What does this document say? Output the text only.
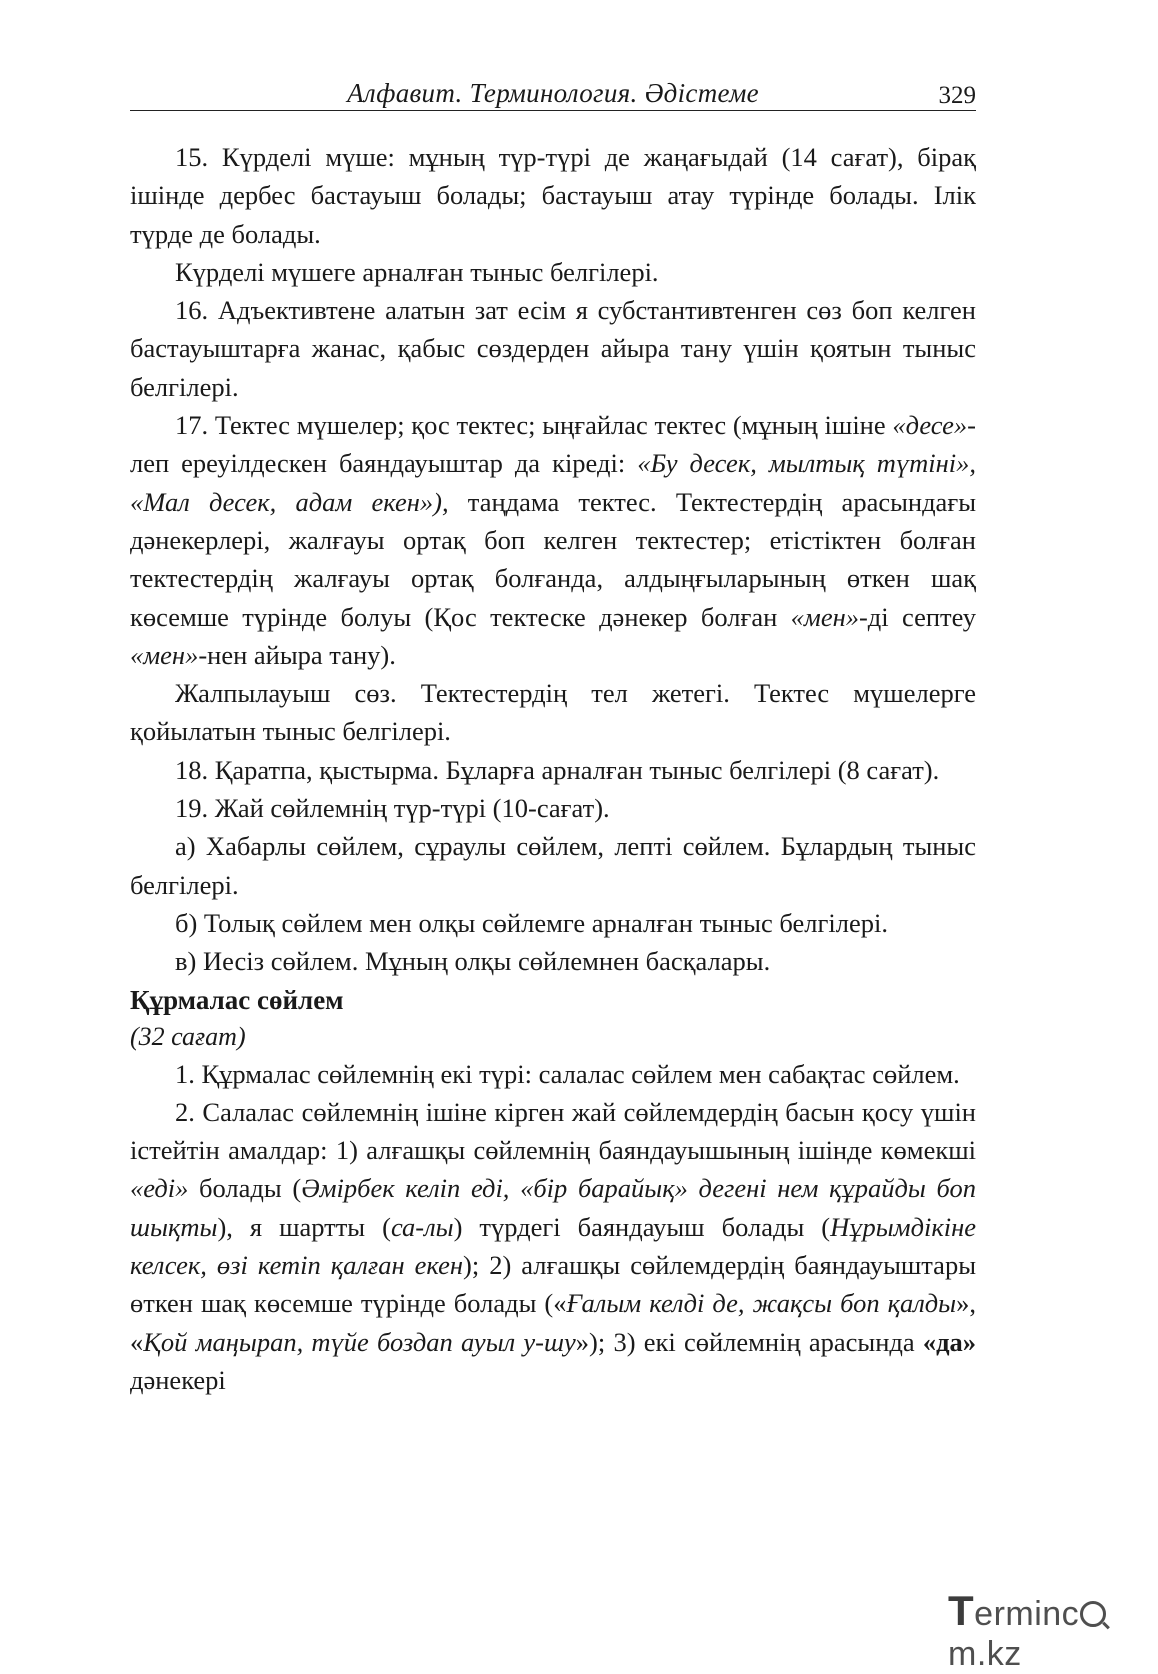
Алфавит. Терминология. Әдістеме	329

15. Күрделі мүше: мұның түр-түрі де жаңағыдай (14 сағат), бірақ ішінде дербес бастауыш болады; бастауыш атау түрінде болады. Ілік түрде де болады.

Күрделі мүшеге арналған тыныс белгілері.

16. Адъективтене алатын зат есім я субстантивтенген сөз боп келген бастауыштарға жанас, қабыс сөздерден айыра тану үшін қоятын тыныс белгілері.

17. Тектес мүшелер; қос тектес; ыңғайлас тектес (мұның ішіне «десе»-леп ереуілдескен баяндауыштар да кіреді: «Бу десек, мылтық түтіні», «Мал десек, адам екен»), таңдама тектес. Тектестердің арасындағы дәнекерлері, жалғауы ортақ боп келген тектестер; етістіктен болған тектестердің жалғауы ортақ болғанда, алдыңғыларының өткен шақ көсемше түрінде болуы (Қос тектеске дәнекер болған «мен»-ді септеу «мен»-нен айыра тану).

Жалпылауыш сөз. Тектестердің тел жетегі. Тектес мүшелерге қойылатын тыныс белгілері.

18. Қаратпа, қыстырма. Бұларға арналған тыныс белгілері (8 сағат).

19. Жай сөйлемнің түр-түрі (10-сағат).

а) Хабарлы сөйлем, сұраулы сөйлем, лепті сөйлем. Бұлардың тыныс белгілері.

б) Толық сөйлем мен олқы сөйлемге арналған тыныс белгілері.

в) Иесіз сөйлем. Мұның олқы сөйлемнен басқалары.

Құрмалас сөйлем

(32 сағат)

1. Құрмалас сөйлемнің екі түрі: салалас сөйлем мен сабақтас сөйлем.

2. Салалас сөйлемнің ішіне кірген жай сөйлемдердің басын қосу үшін істейтін амалдар: 1) алғашқы сөйлемнің баяндауышының ішінде көмекші «еді» болады (Әмірбек келіп еді, «бір барайық» дегені нем құрайды боп шықты), я шартты (са-лы) түрдегі баяндауыш болады (Нұрымдікіне келсек, өзі кетіп қалған екен); 2) алғашқы сөйлемдердің баяндауыштары өткен шақ көсемше түрінде болады («Ғалым келді де, жақсы боп қалды», «Қой маңырап, түйе боздап ауыл у-шу»); 3) екі сөйлемнің арасында «да» дәнекері

Termincm.kz
